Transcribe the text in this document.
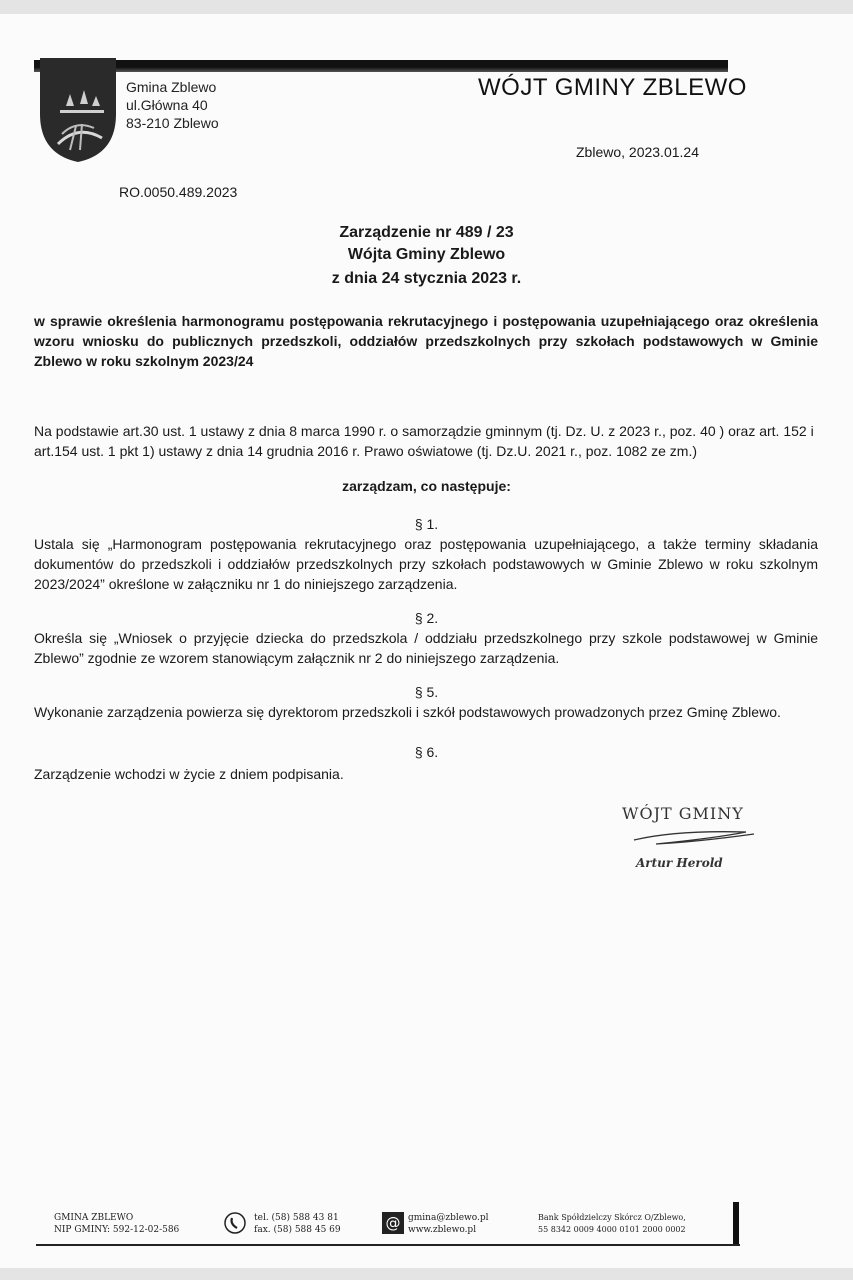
Gmina Zblewo
ul.Główna 40
83-210 Zblewo
WÓJT GMINY ZBLEWO
Zblewo, 2023.01.24
RO.0050.489.2023
Zarządzenie nr 489 / 23
Wójta Gminy Zblewo
z dnia 24 stycznia 2023 r.
w sprawie określenia harmonogramu postępowania rekrutacyjnego i postępowania uzupełniającego oraz określenia wzoru wniosku do publicznych przedszkoli, oddziałów przedszkolnych przy szkołach podstawowych w Gminie Zblewo w roku szkolnym 2023/24
Na podstawie art.30 ust. 1 ustawy z dnia 8 marca 1990 r. o samorządzie gminnym (tj. Dz. U. z 2023 r., poz. 40 ) oraz art. 152 i art.154 ust. 1 pkt 1) ustawy z dnia 14 grudnia 2016 r. Prawo oświatowe (tj. Dz.U. 2021 r., poz. 1082 ze zm.)
zarządzam, co następuje:
§ 1.
Ustala się „Harmonogram postępowania rekrutacyjnego oraz postępowania uzupełniającego, a także terminy składania dokumentów do przedszkoli i oddziałów przedszkolnych przy szkołach podstawowych w Gminie Zblewo w roku szkolnym 2023/2024” określone w załączniku nr 1 do niniejszego zarządzenia.
§ 2.
Określa się „Wniosek o przyjęcie dziecka do przedszkola / oddziału przedszkolnego przy szkole podstawowej w Gminie Zblewo” zgodnie ze wzorem stanowiącym załącznik nr 2 do niniejszego zarządzenia.
§ 5.
Wykonanie zarządzenia powierza się dyrektorom przedszkoli i szkół podstawowych prowadzonych przez Gminę Zblewo.
§ 6.
Zarządzenie wchodzi w życie z dniem podpisania.
WÓJT GMINY
Artur Herold
GMINA ZBLEWO
NIP GMINY: 592-12-02-586
tel. (58) 588 43 81
fax. (58) 588 45 69	@ gmina@zblewo.pl
www.zblewo.pl
Bank Spółdzielczy Skórcz O/Zblewo,
55 8342 0009 4000 0101 2000 0002
